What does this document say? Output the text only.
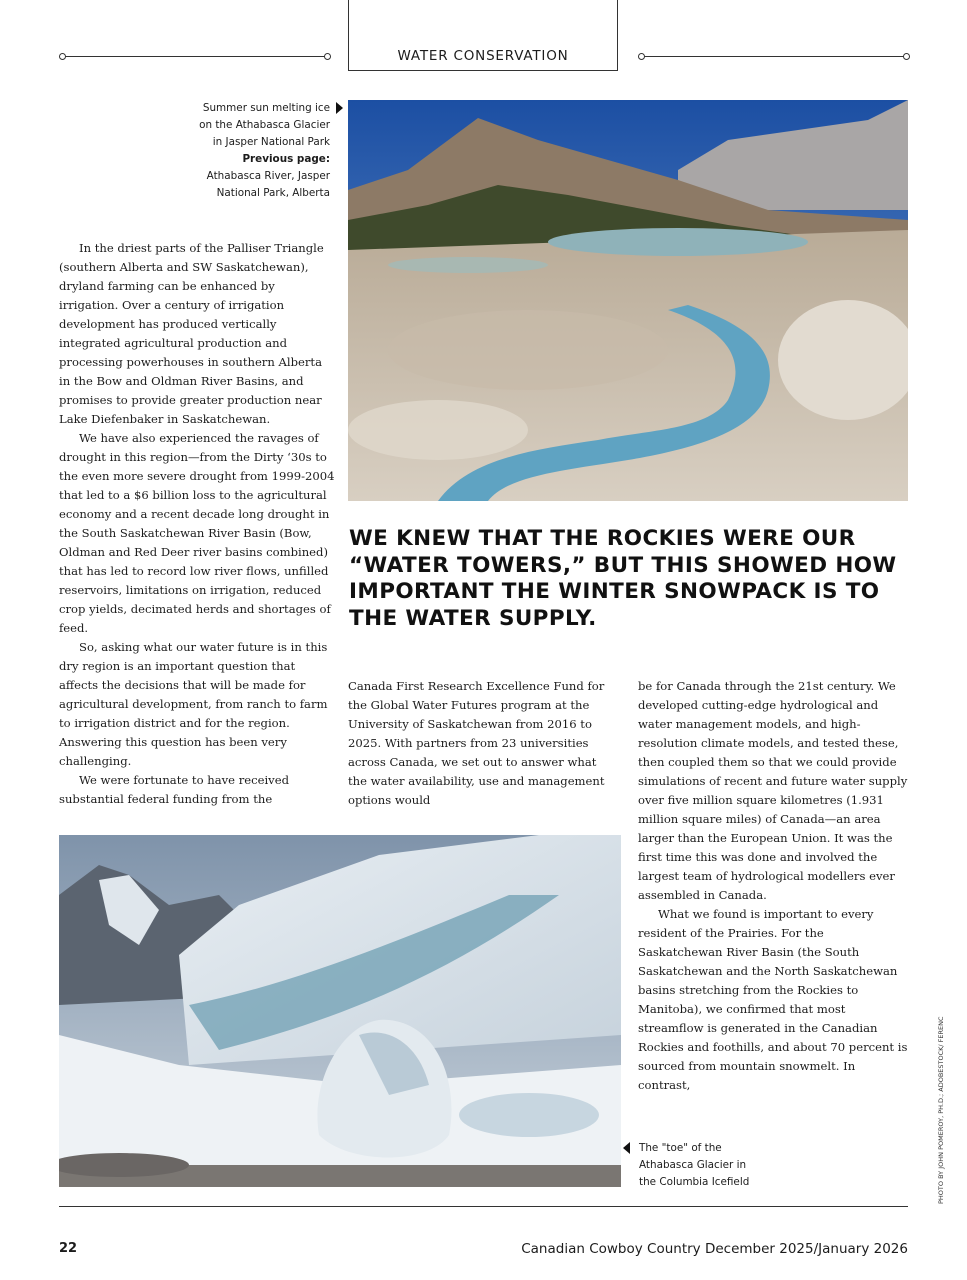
WATER CONSERVATION
Summer sun melting ice
on the Athabasca Glacier
in Jasper National Park
Previous page:
Athabasca River, Jasper
National Park, Alberta

WE KNEW THAT THE ROCKIES WERE OUR “WATER TOWERS,” BUT THIS SHOWED HOW IMPORTANT THE WINTER SNOWPACK IS TO THE WATER SUPPLY.

In the driest parts of the Palliser Triangle (southern Alberta and SW Saskatchewan), dryland farming can be enhanced by irrigation. Over a century of irrigation development has produced vertically integrated agricultural production and processing powerhouses in southern Alberta in the Bow and Oldman River Basins, and promises to provide greater production near Lake Diefenbaker in Saskatchewan.

We have also experienced the ravages of drought in this region—from the Dirty ‘30s to the even more severe drought from 1999-2004 that led to a $6 billion loss to the agricultural economy and a recent decade long drought in the South Saskatchewan River Basin (Bow, Oldman and Red Deer river basins combined) that has led to record low river flows, unfilled reservoirs, limitations on irrigation, reduced crop yields, decimated herds and shortages of feed.

So, asking what our water future is in this dry region is an important question that affects the decisions that will be made for agricultural development, from ranch to farm to irrigation district and for the region. Answering this question has been very challenging.

We were fortunate to have received substantial federal funding from the

Canada First Research Excellence Fund for the Global Water Futures program at the University of Saskatchewan from 2016 to 2025. With partners from 23 universities across Canada, we set out to answer what the water availability, use and management options would

be for Canada through the 21st century. We developed cutting-edge hydrological and water management models, and high-resolution climate models, and tested these, then coupled them so that we could provide simulations of recent and future water supply over five million square kilometres (1.931 million square miles) of Canada—an area larger than the European Union. It was the first time this was done and involved the largest team of hydrological modellers ever assembled in Canada.

What we found is important to every resident of the Prairies. For the Saskatchewan River Basin (the South Saskatchewan and the North Saskatchewan basins stretching from the Rockies to Manitoba), we confirmed that most streamflow is generated in the Canadian Rockies and foothills, and about 70 percent is sourced from mountain snowmelt. In contrast,

The "toe" of the
Athabasca Glacier in
the Columbia Icefield	PHOTO BY JOHN POMEROY, PH.D.; ADOBESTOCK/ FERENC
22	Canadian Cowboy Country December 2025/January 2026
